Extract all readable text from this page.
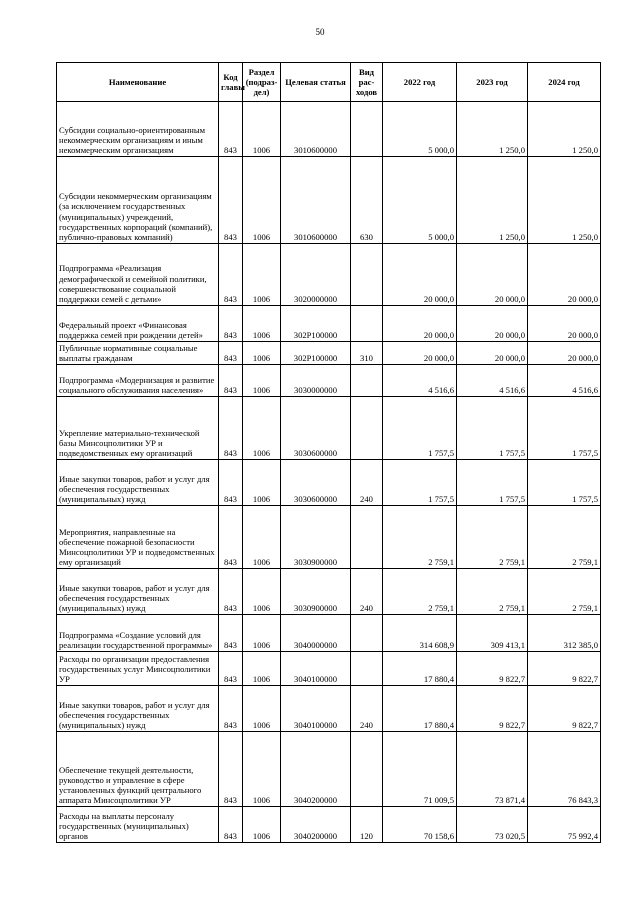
50
Наименование	Код главы	Раздел (подраздел)	Целевая статья	Вид расходов	2022 год	2023 год	2024 год
Субсидии социально-ориентированным некоммерческим организациям и иным некоммерческим организациям	843	1006	3010600000		5 000,0	1 250,0	1 250,0
Субсидии некоммерческим организациям (за исключением государственных (муниципальных) учреждений, государственных корпораций (компаний), публично-правовых компаний)	843	1006	3010600000	630	5 000,0	1 250,0	1 250,0
Подпрограмма «Реализация демографической и семейной политики, совершенствование социальной поддержки семей с детьми»	843	1006	3020000000		20 000,0	20 000,0	20 000,0
Федеральный проект «Финансовая поддержка семей при рождении детей»	843	1006	302P100000		20 000,0	20 000,0	20 000,0
Публичные нормативные социальные выплаты гражданам	843	1006	302P100000	310	20 000,0	20 000,0	20 000,0
Подпрограмма «Модернизация и развитие социального обслуживания населения»	843	1006	3030000000		4 516,6	4 516,6	4 516,6
Укрепление материально-технической базы Минсоцполитики УР и подведомственных ему организаций	843	1006	3030600000		1 757,5	1 757,5	1 757,5
Иные закупки товаров, работ и услуг для обеспечения государственных (муниципальных) нужд	843	1006	3030600000	240	1 757,5	1 757,5	1 757,5
Мероприятия, направленные на обеспечение пожарной безопасности Минсоцполитики УР и подведомственных ему организаций	843	1006	3030900000		2 759,1	2 759,1	2 759,1
Иные закупки товаров, работ и услуг для обеспечения государственных (муниципальных) нужд	843	1006	3030900000	240	2 759,1	2 759,1	2 759,1
Подпрограмма «Создание условий для реализации государственной программы»	843	1006	3040000000		314 608,9	309 413,1	312 385,0
Расходы по организации предоставления государственных услуг Минсоцполитики УР	843	1006	3040100000		17 880,4	9 822,7	9 822,7
Иные закупки товаров, работ и услуг для обеспечения государственных (муниципальных) нужд	843	1006	3040100000	240	17 880,4	9 822,7	9 822,7
Обеспечение текущей деятельности, руководство и управление в сфере установленных функций центрального аппарата Минсоцполитики УР	843	1006	3040200000		71 009,5	73 871,4	76 843,3
Расходы на выплаты персоналу государственных (муниципальных) органов	843	1006	3040200000	120	70 158,6	73 020,5	75 992,4
